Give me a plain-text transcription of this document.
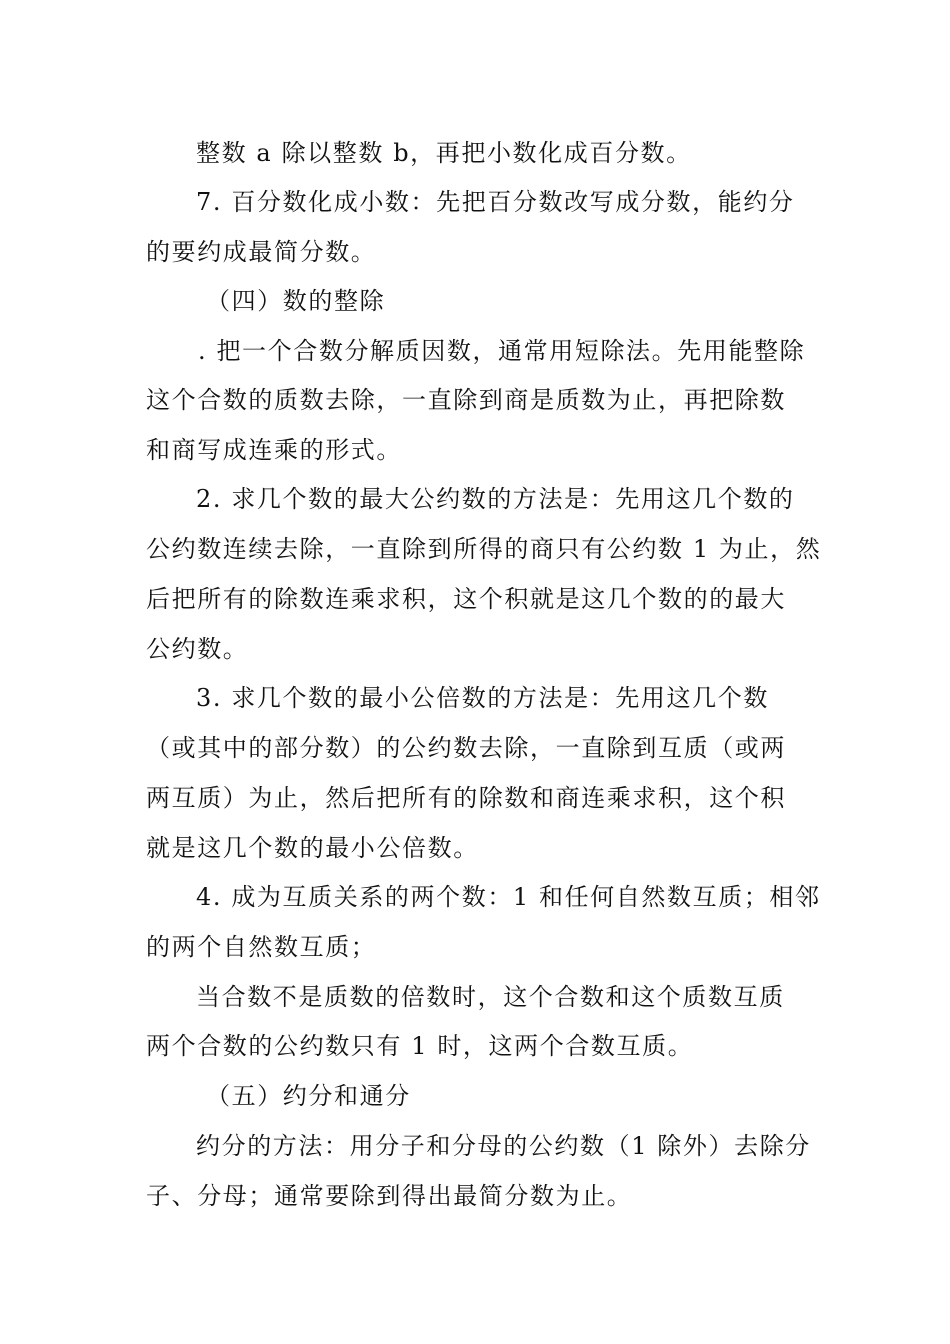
整数 a 除以整数 b，再把小数化成百分数。
7. 百分数化成小数：先把百分数改写成分数，能约分
的要约成最简分数。
（四）数的整除
. 把一个合数分解质因数，通常用短除法。先用能整除
这个合数的质数去除，一直除到商是质数为止，再把除数
和商写成连乘的形式。
2. 求几个数的最大公约数的方法是：先用这几个数的
公约数连续去除，一直除到所得的商只有公约数 1 为止，然
后把所有的除数连乘求积，这个积就是这几个数的的最大
公约数。
3. 求几个数的最小公倍数的方法是：先用这几个数
（或其中的部分数）的公约数去除，一直除到互质（或两
两互质）为止，然后把所有的除数和商连乘求积，这个积
就是这几个数的最小公倍数。
4. 成为互质关系的两个数：1 和任何自然数互质；相邻
的两个自然数互质；
当合数不是质数的倍数时，这个合数和这个质数互质
两个合数的公约数只有 1 时，这两个合数互质。
（五）约分和通分
约分的方法：用分子和分母的公约数（1 除外）去除分
子、分母；通常要除到得出最简分数为止。
